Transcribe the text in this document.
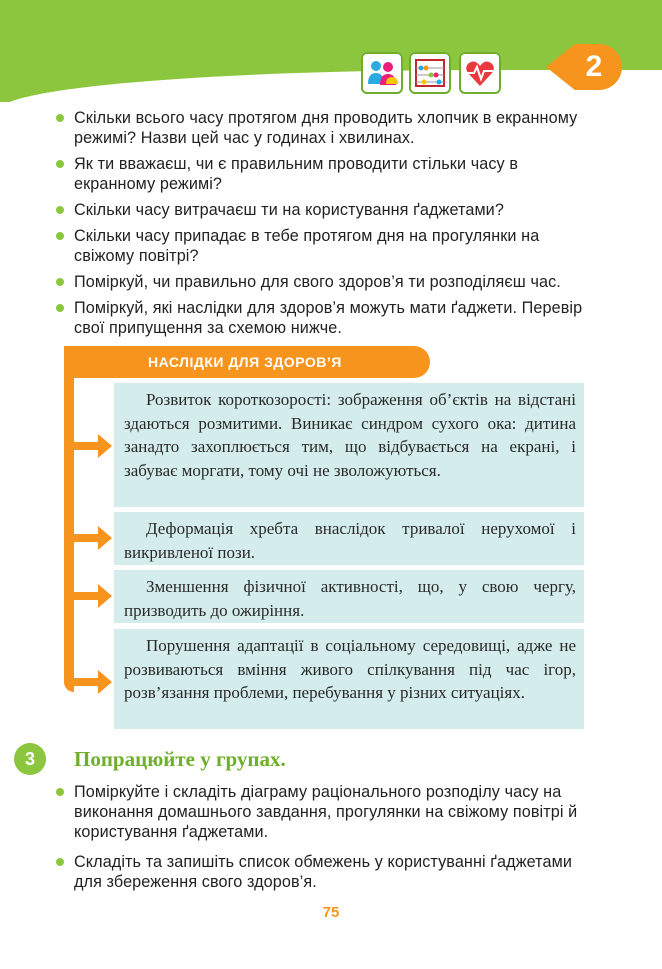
2
Скільки всього часу протягом дня проводить хлопчик в екранному режимі? Назви цей час у годинах і хвилинах.
Як ти вважаєш, чи є правильним проводити стільки часу в екранному режимі?
Скільки часу витрачаєш ти на користування ґаджетами?
Скільки часу припадає в тебе протягом дня на прогулянки на свіжому повітрі?
Поміркуй, чи правильно для свого здоров’я ти розподіляєш час.
Поміркуй, які наслідки для здоров’я можуть мати ґаджети. Перевір свої припущення за схемою нижче.
НАСЛІДКИ ДЛЯ ЗДОРОВ’Я
Розвиток короткозорості: зображення об’єктів на відстані здаються розмитими. Виникає синдром сухого ока: дитина занадто захоплюється тим, що відбувається на екрані, і забуває моргати, тому очі не зволожуються.
Деформація хребта внаслідок тривалої нерухомої і викривленої пози.
Зменшення фізичної активності, що, у свою чергу, призводить до ожиріння.
Порушення адаптації в соціальному середовищі, адже не розвиваються вміння живого спілкування під час ігор, розв’язання проблеми, перебування у різних ситуаціях.
3	Попрацюйте у групах.
Поміркуйте і складіть діаграму раціонального розподілу часу на виконання домашнього завдання, прогулянки на свіжому повітрі й користування ґаджетами.
Складіть та запишіть список обмежень у користуванні ґаджетами для збереження свого здоров’я.
75
